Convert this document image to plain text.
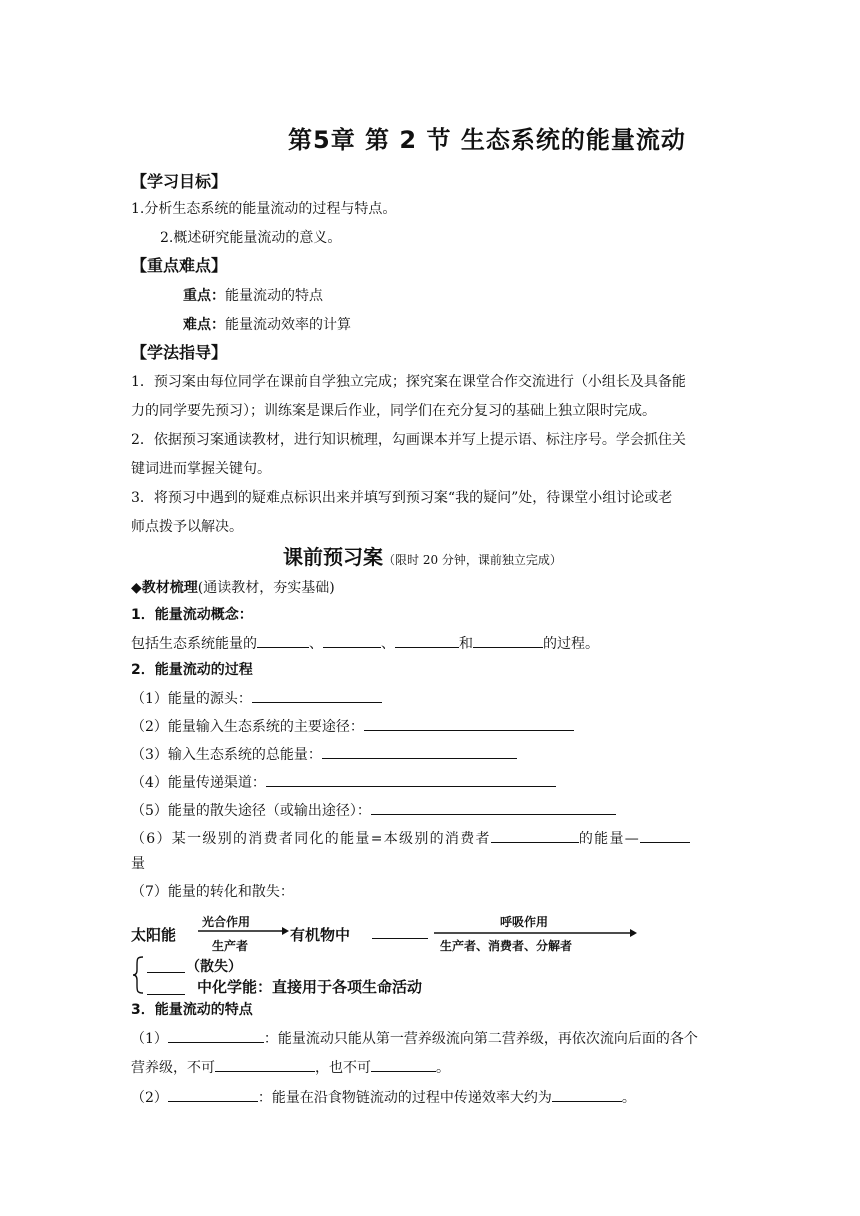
第5章 第 2 节 生态系统的能量流动
【学习目标】
1.分析生态系统的能量流动的过程与特点。
2.概述研究能量流动的意义。
【重点难点】
重点：能量流动的特点
难点：能量流动效率的计算
【学法指导】
1．预习案由每位同学在课前自学独立完成；探究案在课堂合作交流进行（小组长及具备能
力的同学要先预习）；训练案是课后作业，同学们在充分复习的基础上独立限时完成。
2．依据预习案通读教材，进行知识梳理，勾画课本并写上提示语、标注序号。学会抓住关
键词进而掌握关键句。
3．将预习中遇到的疑难点标识出来并填写到预习案“我的疑问”处，待课堂小组讨论或老
师点拨予以解决。
课前预习案（限时 20 分钟，课前独立完成）
◆教材梳理(通读教材，夯实基础)
1．能量流动概念：
包括生态系统能量的	、	、	和	的过程。
2．能量流动的过程
（1）能量的源头：
（2）能量输入生态系统的主要途径：
（3）输入生态系统的总能量：
（4）能量传递渠道：
（5）能量的散失途径（或输出途径）：
（6）某一级别的消费者同化的能量=本级别的消费者	的能量—
量
（7）能量的转化和散失：
太阳能
光合作用
生产者
有机物中
呼吸作用
生产者、消费者、分解者
（散失）
中化学能：直接用于各项生命活动
3．能量流动的特点
（1）	：能量流动只能从第一营养级流向第二营养级，再依次流向后面的各个
营养级，不可	，也不可	。
（2）	：能量在沿食物链流动的过程中传递效率大约为	。
